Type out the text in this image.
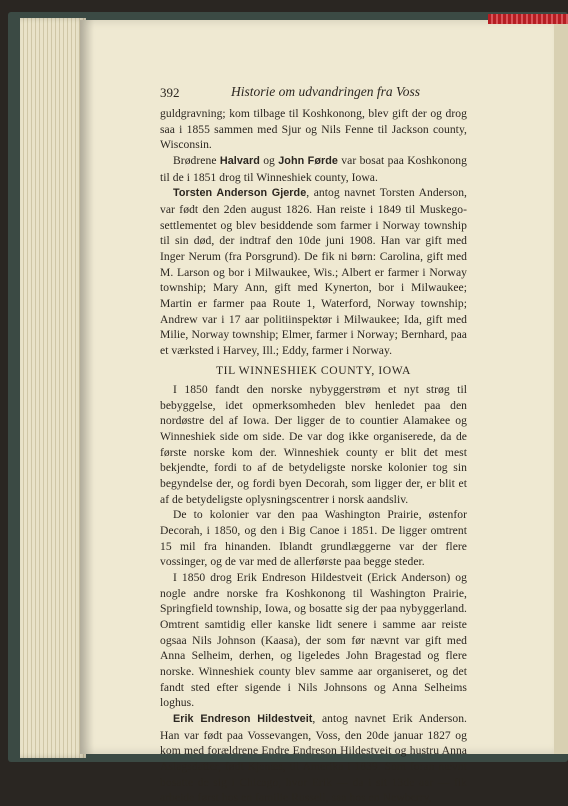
392	Historie om udvandringen fra Voss

guldgravning; kom tilbage til Koshkonong, blev gift der og drog saa i 1855 sammen med Sjur og Nils Fenne til Jackson county, Wisconsin.

Brødrene Halvard og John Førde var bosat paa Koshkonong til de i 1851 drog til Winneshiek county, Iowa.

Torsten Anderson Gjerde, antog navnet Torsten Anderson, var født den 2den august 1826. Han reiste i 1849 til Muskego-settlementet og blev besiddende som farmer i Norway township til sin død, der indtraf den 10de juni 1908. Han var gift med Inger Nerum (fra Porsgrund). De fik ni børn: Carolina, gift med M. Larson og bor i Milwaukee, Wis.; Albert er farmer i Norway township; Mary Ann, gift med Kynerton, bor i Milwaukee; Martin er farmer paa Route 1, Waterford, Norway township; Andrew var i 17 aar politiinspektør i Milwaukee; Ida, gift med Milie, Norway township; Elmer, farmer i Norway; Bernhard, paa et værksted i Harvey, Ill.; Eddy, farmer i Norway.

TIL WINNESHIEK COUNTY, IOWA

I 1850 fandt den norske nybyggerstrøm et nyt strøg til bebyggelse, idet opmerksomheden blev henledet paa den nordøstre del af Iowa. Der ligger de to countier Alamakee og Winneshiek side om side. De var dog ikke organiserede, da de første norske kom der. Winneshiek county er blit det mest bekjendte, fordi to af de betydeligste norske kolonier tog sin begyndelse der, og fordi byen Decorah, som ligger der, er blit et af de betydeligste oplysningscentrer i norsk aandsliv.

De to kolonier var den paa Washington Prairie, østenfor Decorah, i 1850, og den i Big Canoe i 1851. De ligger omtrent 15 mil fra hinanden. Iblandt grundlæggerne var der flere vossinger, og de var med de allerførste paa begge steder.

I 1850 drog Erik Endreson Hildestveit (Erick Anderson) og nogle andre norske fra Koshkonong til Washington Prairie, Springfield township, Iowa, og bosatte sig der paa nybyggerland. Omtrent samtidig eller kanske lidt senere i samme aar reiste ogsaa Nils Johnson (Kaasa), der som før nævnt var gift med Anna Selheim, derhen, og ligeledes John Bragestad og flere norske. Winneshiek county blev samme aar organiseret, og det fandt sted efter sigende i Nils Johnsons og Anna Selheims loghus.

Erik Endreson Hildestveit, antog navnet Erik Anderson. Han var født paa Vossevangen, Voss, den 20de januar 1827 og kom med forældrene Endre Endreson Hildestveit og hustru Anna Aslagsdatter, født Kjenæs, til Amerika i 1839. Som foran nævnt bosatte de sig i Chicago, hvor Erik — da i sit 13de aar — fik arbeide først hos en familie Russell, saa hos en Newberry,
